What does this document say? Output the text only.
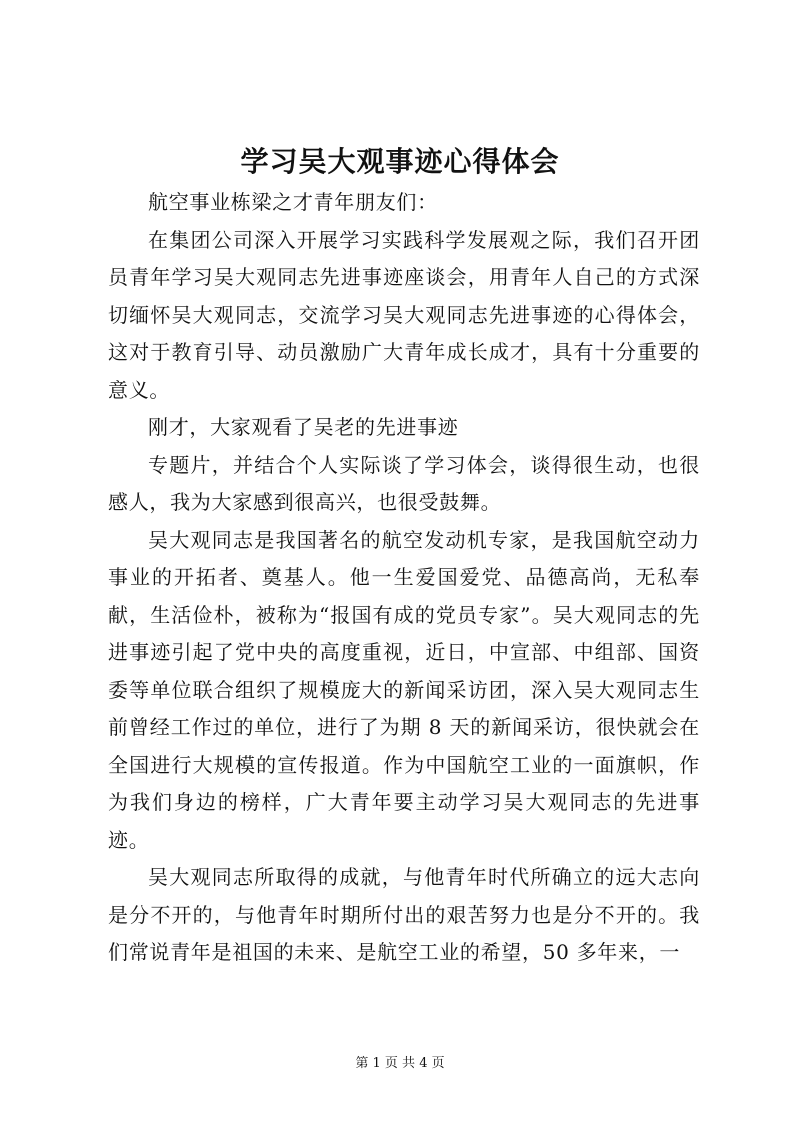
学习吴大观事迹心得体会

航空事业栋梁之才青年朋友们：

在集团公司深入开展学习实践科学发展观之际，我们召开团员青年学习吴大观同志先进事迹座谈会，用青年人自己的方式深切缅怀吴大观同志，交流学习吴大观同志先进事迹的心得体会，这对于教育引导、动员激励广大青年成长成才，具有十分重要的意义。

刚才，大家观看了吴老的先进事迹

专题片，并结合个人实际谈了学习体会，谈得很生动，也很感人，我为大家感到很高兴，也很受鼓舞。

吴大观同志是我国著名的航空发动机专家，是我国航空动力事业的开拓者、奠基人。他一生爱国爱党、品德高尚，无私奉献，生活俭朴，被称为“报国有成的党员专家”。吴大观同志的先进事迹引起了党中央的高度重视，近日，中宣部、中组部、国资委等单位联合组织了规模庞大的新闻采访团，深入吴大观同志生前曾经工作过的单位，进行了为期 8 天的新闻采访，很快就会在全国进行大规模的宣传报道。作为中国航空工业的一面旗帜，作为我们身边的榜样，广大青年要主动学习吴大观同志的先进事迹。

吴大观同志所取得的成就，与他青年时代所确立的远大志向是分不开的，与他青年时期所付出的艰苦努力也是分不开的。我们常说青年是祖国的未来、是航空工业的希望，50 多年来，一

第 1 页 共 4 页
